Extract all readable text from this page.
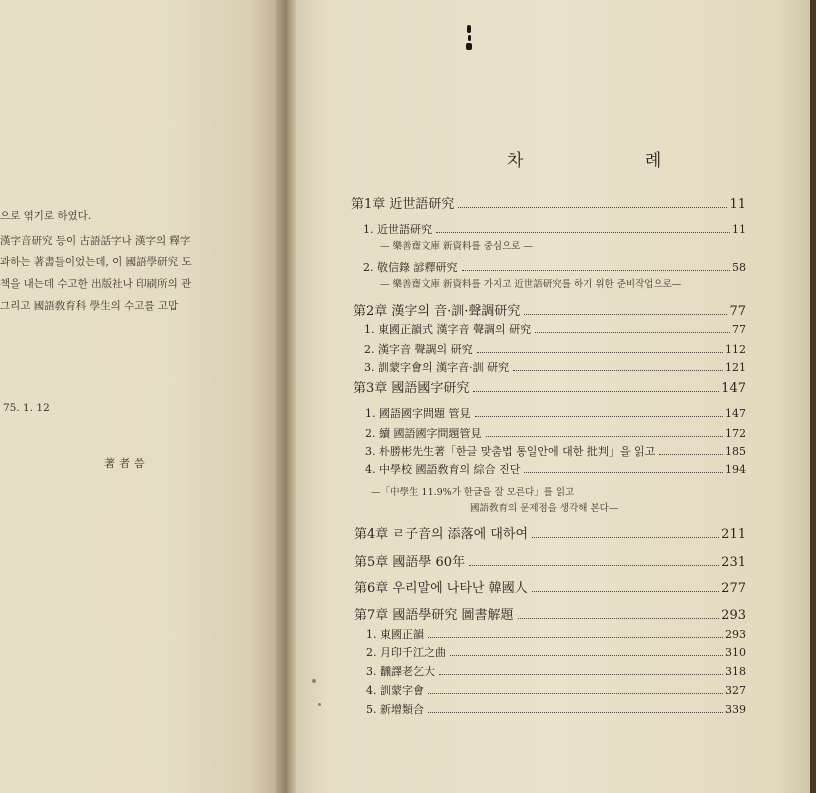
으로 엮기로 하였다.
漢字音研究 등이 古語話字나 漢字의 釋字
과하는 著書들이었는데, 이 國語學研究 도
책을 내는데 수고한 出版社나 印刷所의 관
그리고 國語敎育科 學生의 수고를 고맙
75. 1. 12
著者씀
차 례
第1章 近世語研究	11
1. 近世語研究	11
— 樂善齋文庫 新資料를 중심으로 —
2. 敬信錄 諺釋研究	58
— 樂善齋文庫 新資料를 가지고 近世語研究를 하기 위한 준비작업으로—
第2章 漢字의 音·訓·聲調研究	77
1. 東國正韻式 漢字音 聲調의 研究	77
2. 漢字音 聲調의 研究	112
3. 訓蒙字會의 漢字音·訓 研究	121
第3章 國語國字研究	147
1. 國語國字問題 管見	147
2. 續 國語國字問題管見	172
3. 朴勝彬先生著「한글 맞춤법 통일안에 대한 批判」을 읽고	185
4. 中學校 國語敎育의 綜合 진단	194
—「中學生 11.9%가 한글을 잘 모른다」를 읽고
國語敎育의 문제점을 생각해 본다—
第4章 ㄹ子音의 添落에 대하여	211
第5章 國語學 60年	231
第6章 우리말에 나타난 韓國人	277
第7章 國語學研究 圖書解題	293
1. 東國正韻	293
2. 月印千江之曲	310
3. 飜譯老乞大	318
4. 訓蒙字會	327
5. 新增類合	339
